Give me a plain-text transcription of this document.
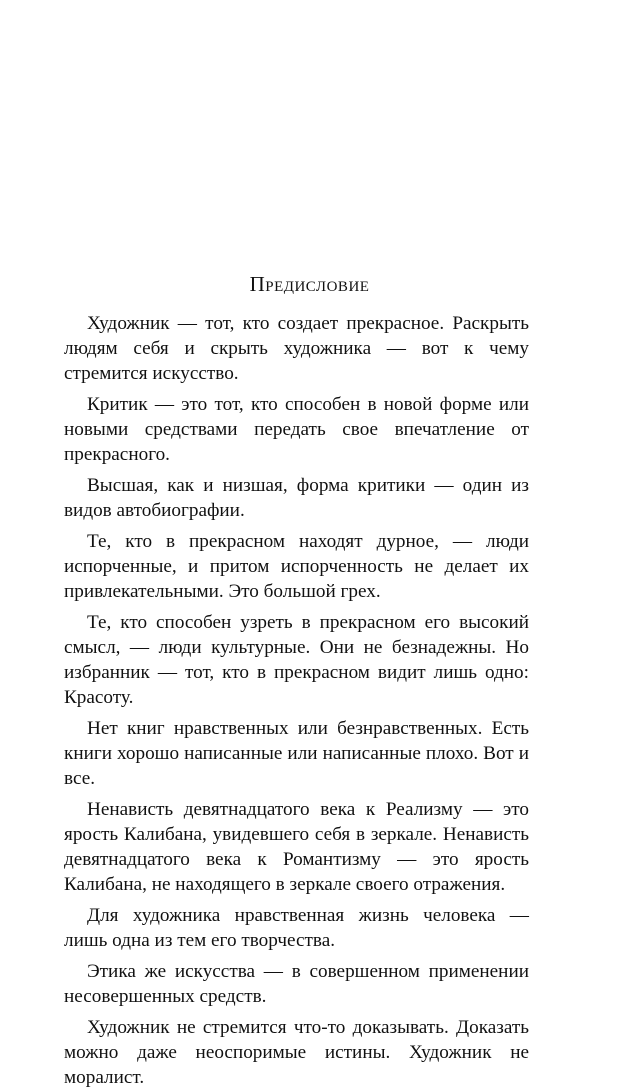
Предисловие

Художник — тот, кто создает прекрасное. Раскрыть людям себя и скрыть художника — вот к чему стремится искусство.

Критик — это тот, кто способен в новой форме или новыми средствами передать свое впечатление от прекрасного.

Высшая, как и низшая, форма критики — один из видов автобиографии.

Те, кто в прекрасном находят дурное, — люди испорченные, и притом испорченность не делает их привлекательными. Это большой грех.

Те, кто способен узреть в прекрасном его высокий смысл, — люди культурные. Они не безнадежны. Но избранник — тот, кто в прекрасном видит лишь одно: Красоту.

Нет книг нравственных или безнравственных. Есть книги хорошо написанные или написанные плохо. Вот и все.

Ненависть девятнадцатого века к Реализму — это ярость Калибана, увидевшего себя в зеркале. Ненависть девятнадцатого века к Романтизму — это ярость Калибана, не находящего в зеркале своего отражения.

Для художника нравственная жизнь человека — лишь одна из тем его творчества.

Этика же искусства — в совершенном применении несовершенных средств.

Художник не стремится что-то доказывать. Доказать можно даже неоспоримые истины. Художник не моралист.
